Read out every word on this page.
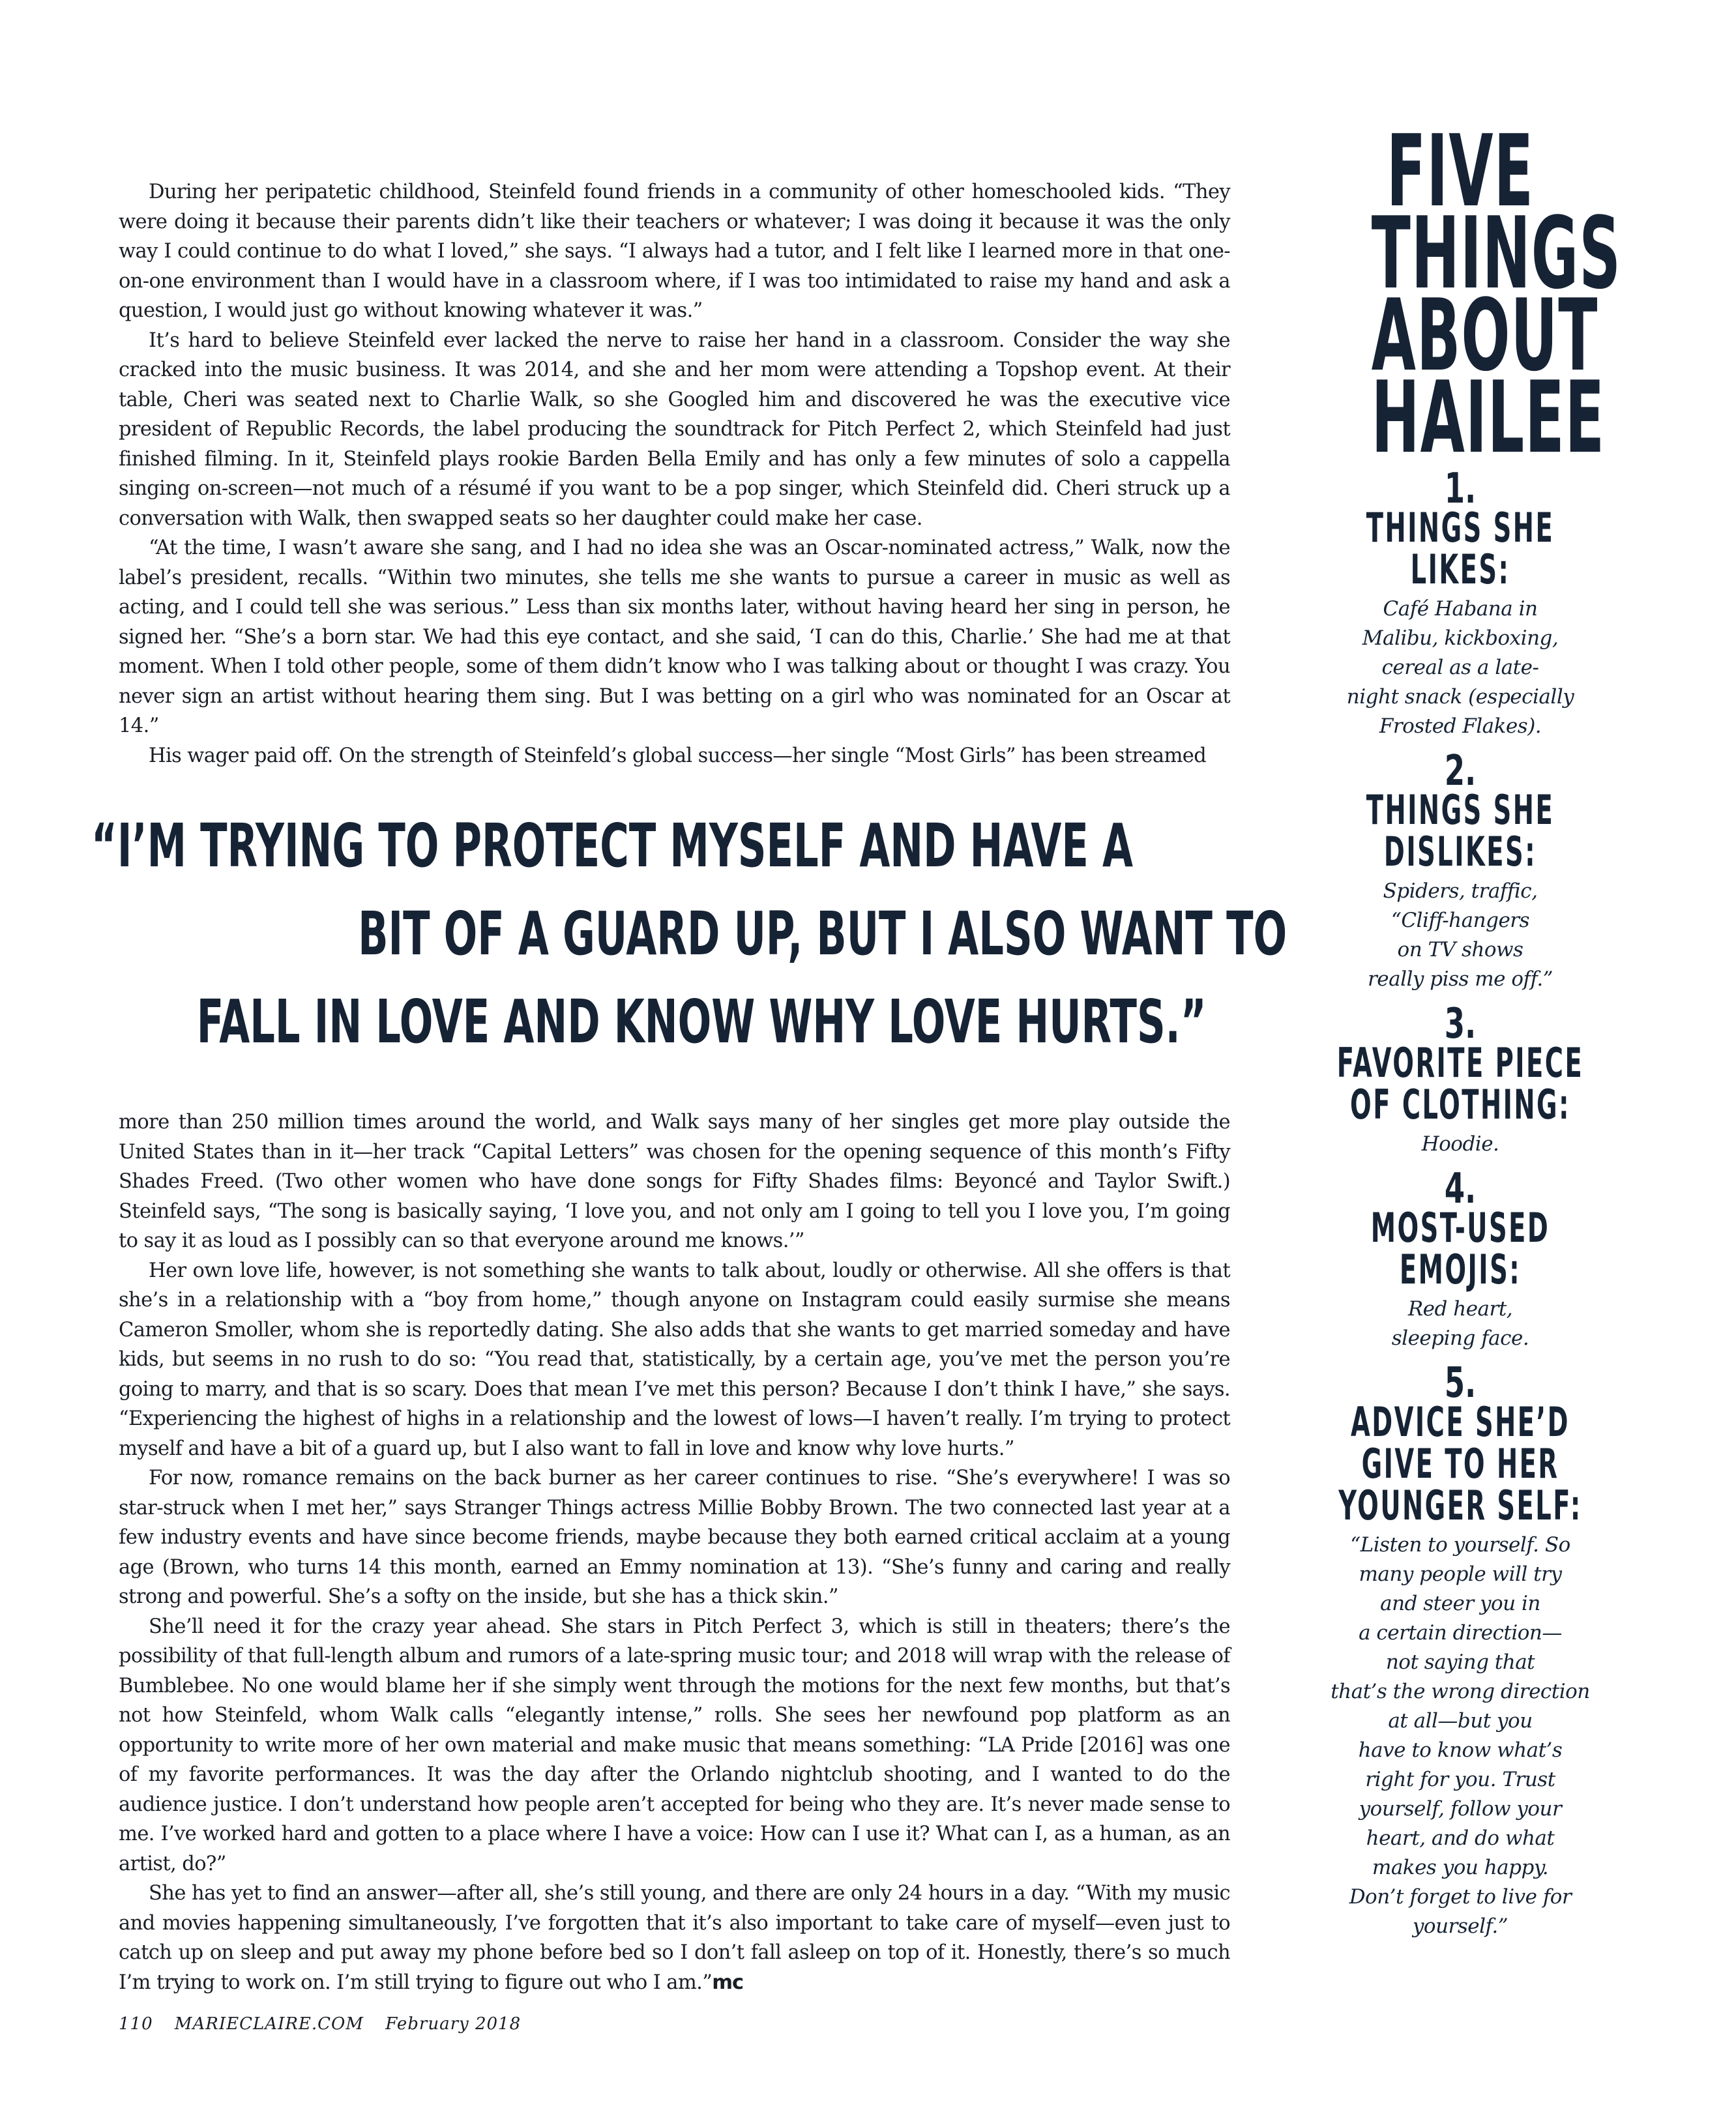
During her peripatetic childhood, Steinfeld found friends in a community of other homeschooled kids. “They were doing it because their parents didn’t like their teachers or whatever; I was doing it because it was the only way I could continue to do what I loved,” she says. “I always had a tutor, and I felt like I learned more in that one-on-one environment than I would have in a classroom where, if I was too intimidated to raise my hand and ask a question, I would just go without knowing whatever it was.”

It’s hard to believe Steinfeld ever lacked the nerve to raise her hand in a classroom. Consider the way she cracked into the music business. It was 2014, and she and her mom were attending a Topshop event. At their table, Cheri was seated next to Charlie Walk, so she Googled him and discovered he was the executive vice president of Republic Records, the label producing the soundtrack for Pitch Perfect 2, which Steinfeld had just finished filming. In it, Steinfeld plays rookie Barden Bella Emily and has only a few minutes of solo a cappella singing on-screen—not much of a résumé if you want to be a pop singer, which Steinfeld did. Cheri struck up a conversation with Walk, then swapped seats so her daughter could make her case.

“At the time, I wasn’t aware she sang, and I had no idea she was an Oscar-nominated actress,” Walk, now the label’s president, recalls. “Within two minutes, she tells me she wants to pursue a career in music as well as acting, and I could tell she was serious.” Less than six months later, without having heard her sing in person, he signed her. “She’s a born star. We had this eye contact, and she said, ‘I can do this, Charlie.’ She had me at that moment. When I told other people, some of them didn’t know who I was talking about or thought I was crazy. You never sign an artist without hearing them sing. But I was betting on a girl who was nominated for an Oscar at 14.”

His wager paid off. On the strength of Steinfeld’s global success—her single “Most Girls” has been streamed

“I’M TRYING TO PROTECT MYSELF AND HAVE A
BIT OF A GUARD UP, BUT I ALSO WANT TO
FALL IN LOVE AND KNOW WHY LOVE HURTS.”

more than 250 million times around the world, and Walk says many of her singles get more play outside the United States than in it—her track “Capital Letters” was chosen for the opening sequence of this month’s Fifty Shades Freed. (Two other women who have done songs for Fifty Shades films: Beyoncé and Taylor Swift.) Steinfeld says, “The song is basically saying, ‘I love you, and not only am I going to tell you I love you, I’m going to say it as loud as I possibly can so that everyone around me knows.’”

Her own love life, however, is not something she wants to talk about, loudly or otherwise. All she offers is that she’s in a relationship with a “boy from home,” though anyone on Instagram could easily surmise she means Cameron Smoller, whom she is reportedly dating. She also adds that she wants to get married someday and have kids, but seems in no rush to do so: “You read that, statistically, by a certain age, you’ve met the person you’re going to marry, and that is so scary. Does that mean I’ve met this person? Because I don’t think I have,” she says. “Experiencing the highest of highs in a relationship and the lowest of lows—I haven’t really. I’m trying to protect myself and have a bit of a guard up, but I also want to fall in love and know why love hurts.”

For now, romance remains on the back burner as her career continues to rise. “She’s everywhere! I was so star-struck when I met her,” says Stranger Things actress Millie Bobby Brown. The two connected last year at a few industry events and have since become friends, maybe because they both earned critical acclaim at a young age (Brown, who turns 14 this month, earned an Emmy nomination at 13). “She’s funny and caring and really strong and powerful. She’s a softy on the inside, but she has a thick skin.”

She’ll need it for the crazy year ahead. She stars in Pitch Perfect 3, which is still in theaters; there’s the possibility of that full-length album and rumors of a late-spring music tour; and 2018 will wrap with the release of Bumblebee. No one would blame her if she simply went through the motions for the next few months, but that’s not how Steinfeld, whom Walk calls “elegantly intense,” rolls. She sees her newfound pop platform as an opportunity to write more of her own material and make music that means something: “LA Pride [2016] was one of my favorite performances. It was the day after the Orlando nightclub shooting, and I wanted to do the audience justice. I don’t understand how people aren’t accepted for being who they are. It’s never made sense to me. I’ve worked hard and gotten to a place where I have a voice: How can I use it? What can I, as a human, as an artist, do?”

She has yet to find an answer—after all, she’s still young, and there are only 24 hours in a day. “With my music and movies happening simultaneously, I’ve forgotten that it’s also important to take care of myself—even just to catch up on sleep and put away my phone before bed so I don’t fall asleep on top of it. Honestly, there’s so much I’m trying to work on. I’m still trying to figure out who I am.”mc

FIVE
THINGS
ABOUT
HAILEE
1.
THINGS SHE
LIKES:
Café Habana in
Malibu, kickboxing,
cereal as a late-
night snack (especially
Frosted Flakes).
2.
THINGS SHE
DISLIKES:
Spiders, traffic,
“Cliff-hangers
on TV shows
really piss me off.”
3.
FAVORITE PIECE
OF CLOTHING:
Hoodie.
4.
MOST-USED
EMOJIS:
Red heart,
sleeping face.
5.
ADVICE SHE’D
GIVE TO HER
YOUNGER SELF:
“Listen to yourself. So
many people will try
and steer you in
a certain direction—
not saying that
that’s the wrong direction
at all—but you
have to know what’s
right for you. Trust
yourself, follow your
heart, and do what
makes you happy.
Don’t forget to live for
yourself.”
110 MARIECLAIRE.COM February 2018
